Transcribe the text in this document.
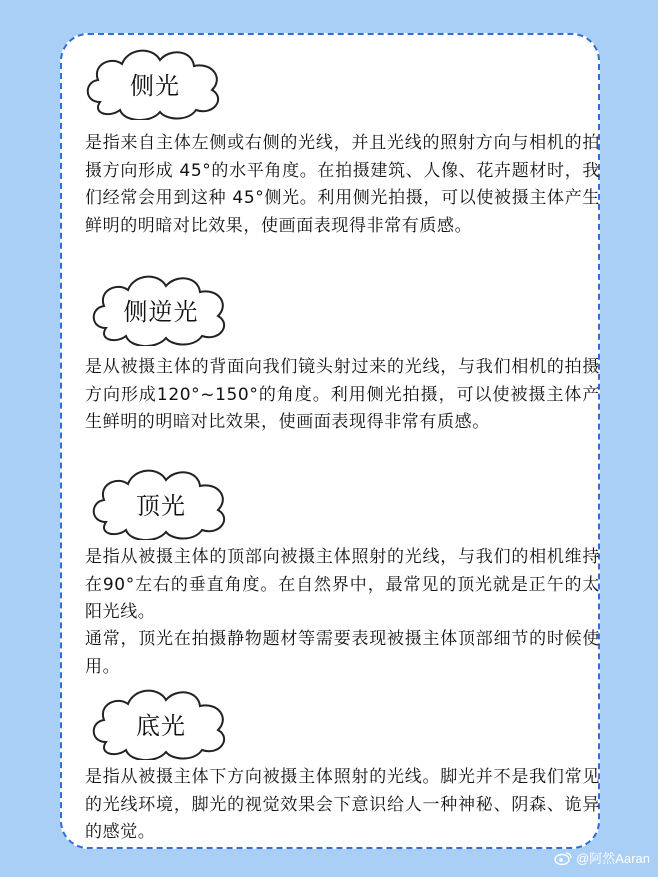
侧光

是指来自主体左侧或右侧的光线，并且光线的照射方向与相机的拍摄方向形成 45°的水平角度。在拍摄建筑、人像、花卉题材时，我们经常会用到这种 45°侧光。利用侧光拍摄，可以使被摄主体产生鲜明的明暗对比效果，使画面表现得非常有质感。

侧逆光

是从被摄主体的背面向我们镜头射过来的光线，与我们相机的拍摄方向形成120°~150°的角度。利用侧光拍摄，可以使被摄主体产生鲜明的明暗对比效果，使画面表现得非常有质感。

顶光

是指从被摄主体的顶部向被摄主体照射的光线，与我们的相机维持在90°左右的垂直角度。在自然界中，最常见的顶光就是正午的太阳光线。

通常，顶光在拍摄静物题材等需要表现被摄主体顶部细节的时候使用。

底光

是指从被摄主体下方向被摄主体照射的光线。脚光并不是我们常见的光线环境，脚光的视觉效果会下意识给人一种神秘、阴森、诡异的感觉。

@阿然Aaran
